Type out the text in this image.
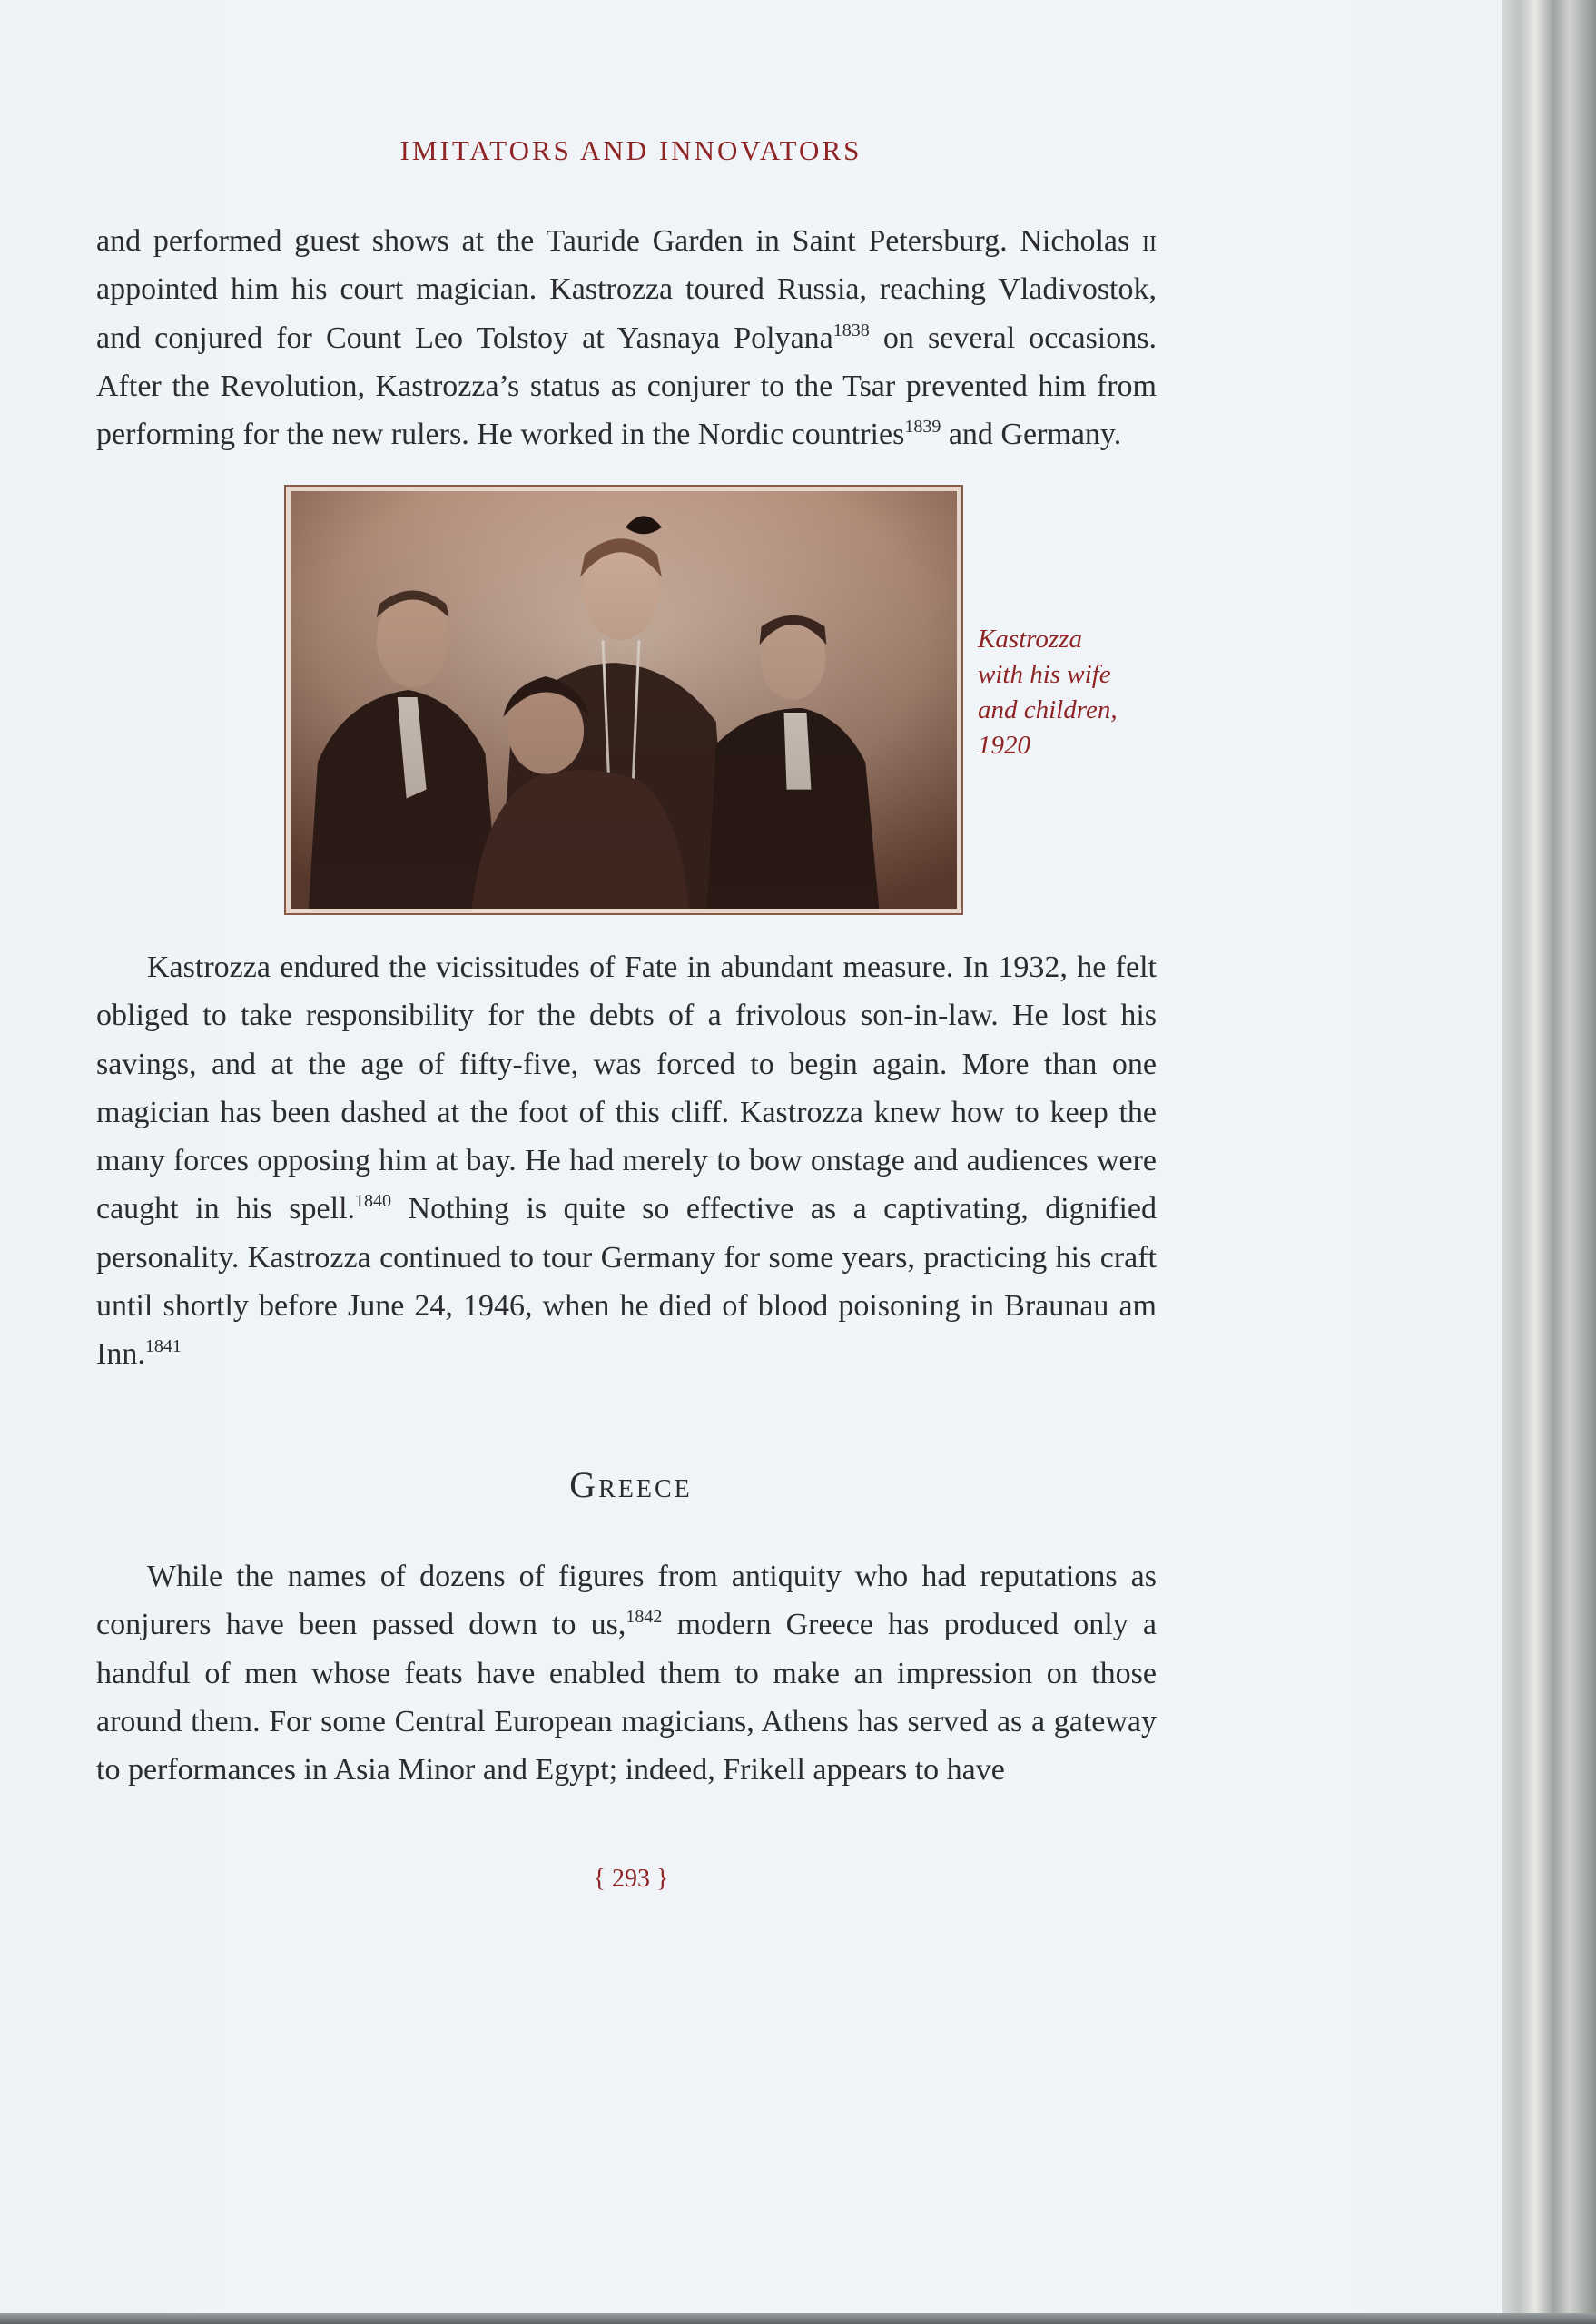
IMITATORS AND INNOVATORS

and performed guest shows at the Tauride Garden in Saint Petersburg. Nicholas ii appointed him his court magician. Kastrozza toured Russia, reaching Vladivostok, and conjured for Count Leo Tolstoy at Yasnaya Polyana$^{1838}$ on several occasions. After the Revolution, Kastrozza’s status as conjurer to the Tsar prevented him from performing for the new rulers. He worked in the Nordic countries$^{1839}$ and Germany.

Kastrozza
with his wife
and children,
1920

Kastrozza endured the vicissitudes of Fate in abundant measure. In 1932, he felt obliged to take responsibility for the debts of a frivolous son-in-law. He lost his savings, and at the age of fifty-five, was forced to begin again. More than one magician has been dashed at the foot of this cliff. Kastrozza knew how to keep the many forces opposing him at bay. He had merely to bow onstage and audiences were caught in his spell.$^{1840}$ Nothing is quite so effective as a captivating, dignified personality. Kastrozza continued to tour Germany for some years, practicing his craft until shortly before June 24, 1946, when he died of blood poisoning in Braunau am Inn.$^{1841}$

Greece

While the names of dozens of figures from antiquity who had reputations as conjurers have been passed down to us,$^{1842}$ modern Greece has produced only a handful of men whose feats have enabled them to make an impression on those around them. For some Central European magicians, Athens has served as a gateway to performances in Asia Minor and Egypt; indeed, Frikell appears to have

{ 293 }
